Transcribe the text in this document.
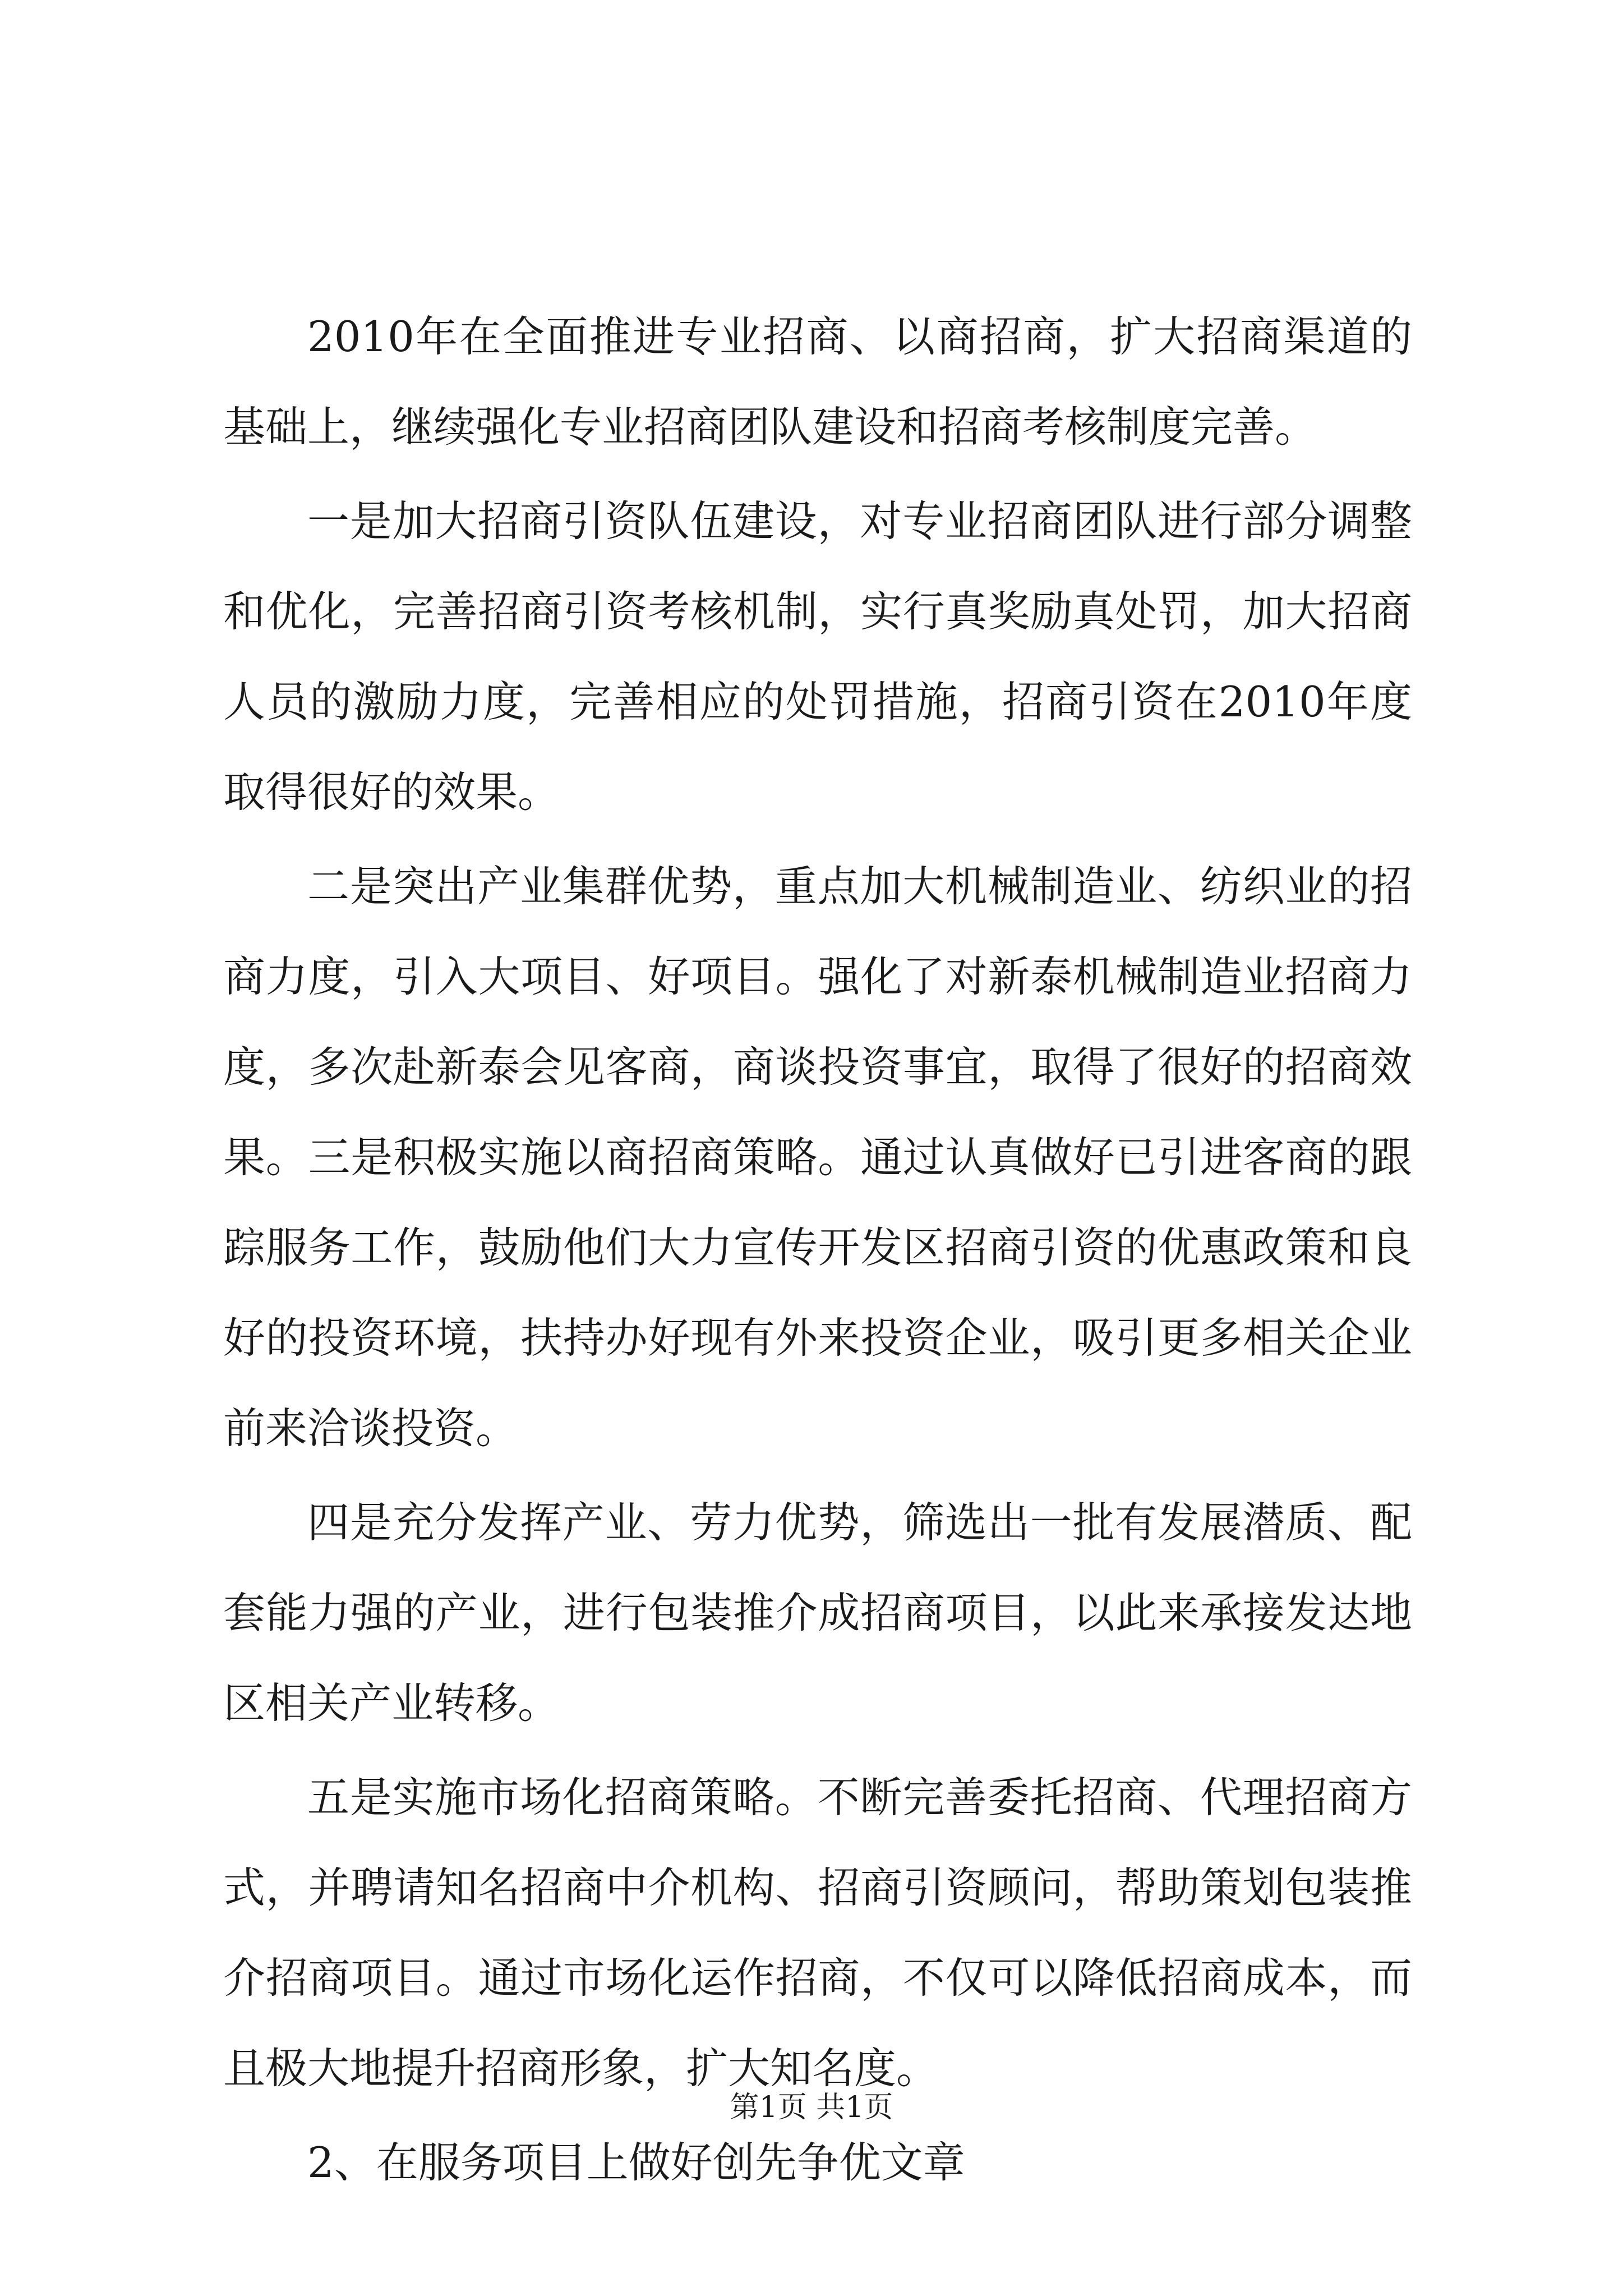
2010年在全面推进专业招商、以商招商，扩大招商渠道的基础上，继续强化专业招商团队建设和招商考核制度完善。

一是加大招商引资队伍建设，对专业招商团队进行部分调整和优化，完善招商引资考核机制，实行真奖励真处罚，加大招商人员的激励力度，完善相应的处罚措施，招商引资在2010年度取得很好的效果。

二是突出产业集群优势，重点加大机械制造业、纺织业的招商力度，引入大项目、好项目。强化了对新泰机械制造业招商力度，多次赴新泰会见客商，商谈投资事宜，取得了很好的招商效果。三是积极实施以商招商策略。通过认真做好已引进客商的跟踪服务工作，鼓励他们大力宣传开发区招商引资的优惠政策和良好的投资环境，扶持办好现有外来投资企业，吸引更多相关企业前来洽谈投资。

四是充分发挥产业、劳力优势，筛选出一批有发展潜质、配套能力强的产业，进行包装推介成招商项目，以此来承接发达地区相关产业转移。

五是实施市场化招商策略。不断完善委托招商、代理招商方式，并聘请知名招商中介机构、招商引资顾问，帮助策划包装推介招商项目。通过市场化运作招商，不仅可以降低招商成本，而且极大地提升招商形象，扩大知名度。

2、在服务项目上做好创先争优文章

第1页 共1页
